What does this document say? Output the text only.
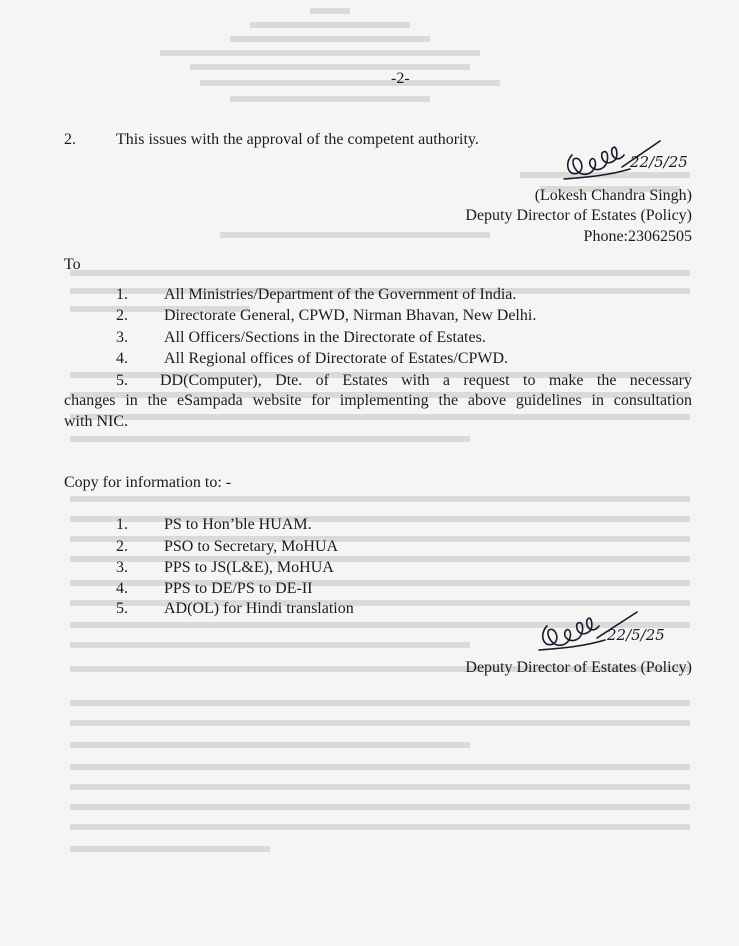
-2-
2.	This issues with the approval of the competent authority.
22/5/25
(Lokesh Chandra Singh)
Deputy Director of Estates (Policy)
Phone:23062505
To
1. All Ministries/Department of the Government of India.
2. Directorate General, CPWD, Nirman Bhavan, New Delhi.
3. All Officers/Sections in the Directorate of Estates.
4. All Regional offices of Directorate of Estates/CPWD.
5. DD(Computer), Dte. of Estates with a request to make the necessary
changes in the eSampada website for implementing the above guidelines in consultation
with NIC.
Copy for information to: -
1. PS to Hon’ble HUAM.
2. PSO to Secretary, MoHUA
3. PPS to JS(L&E), MoHUA
4. PPS to DE/PS to DE-II
5. AD(OL) for Hindi translation
22/5/25
Deputy Director of Estates (Policy)
